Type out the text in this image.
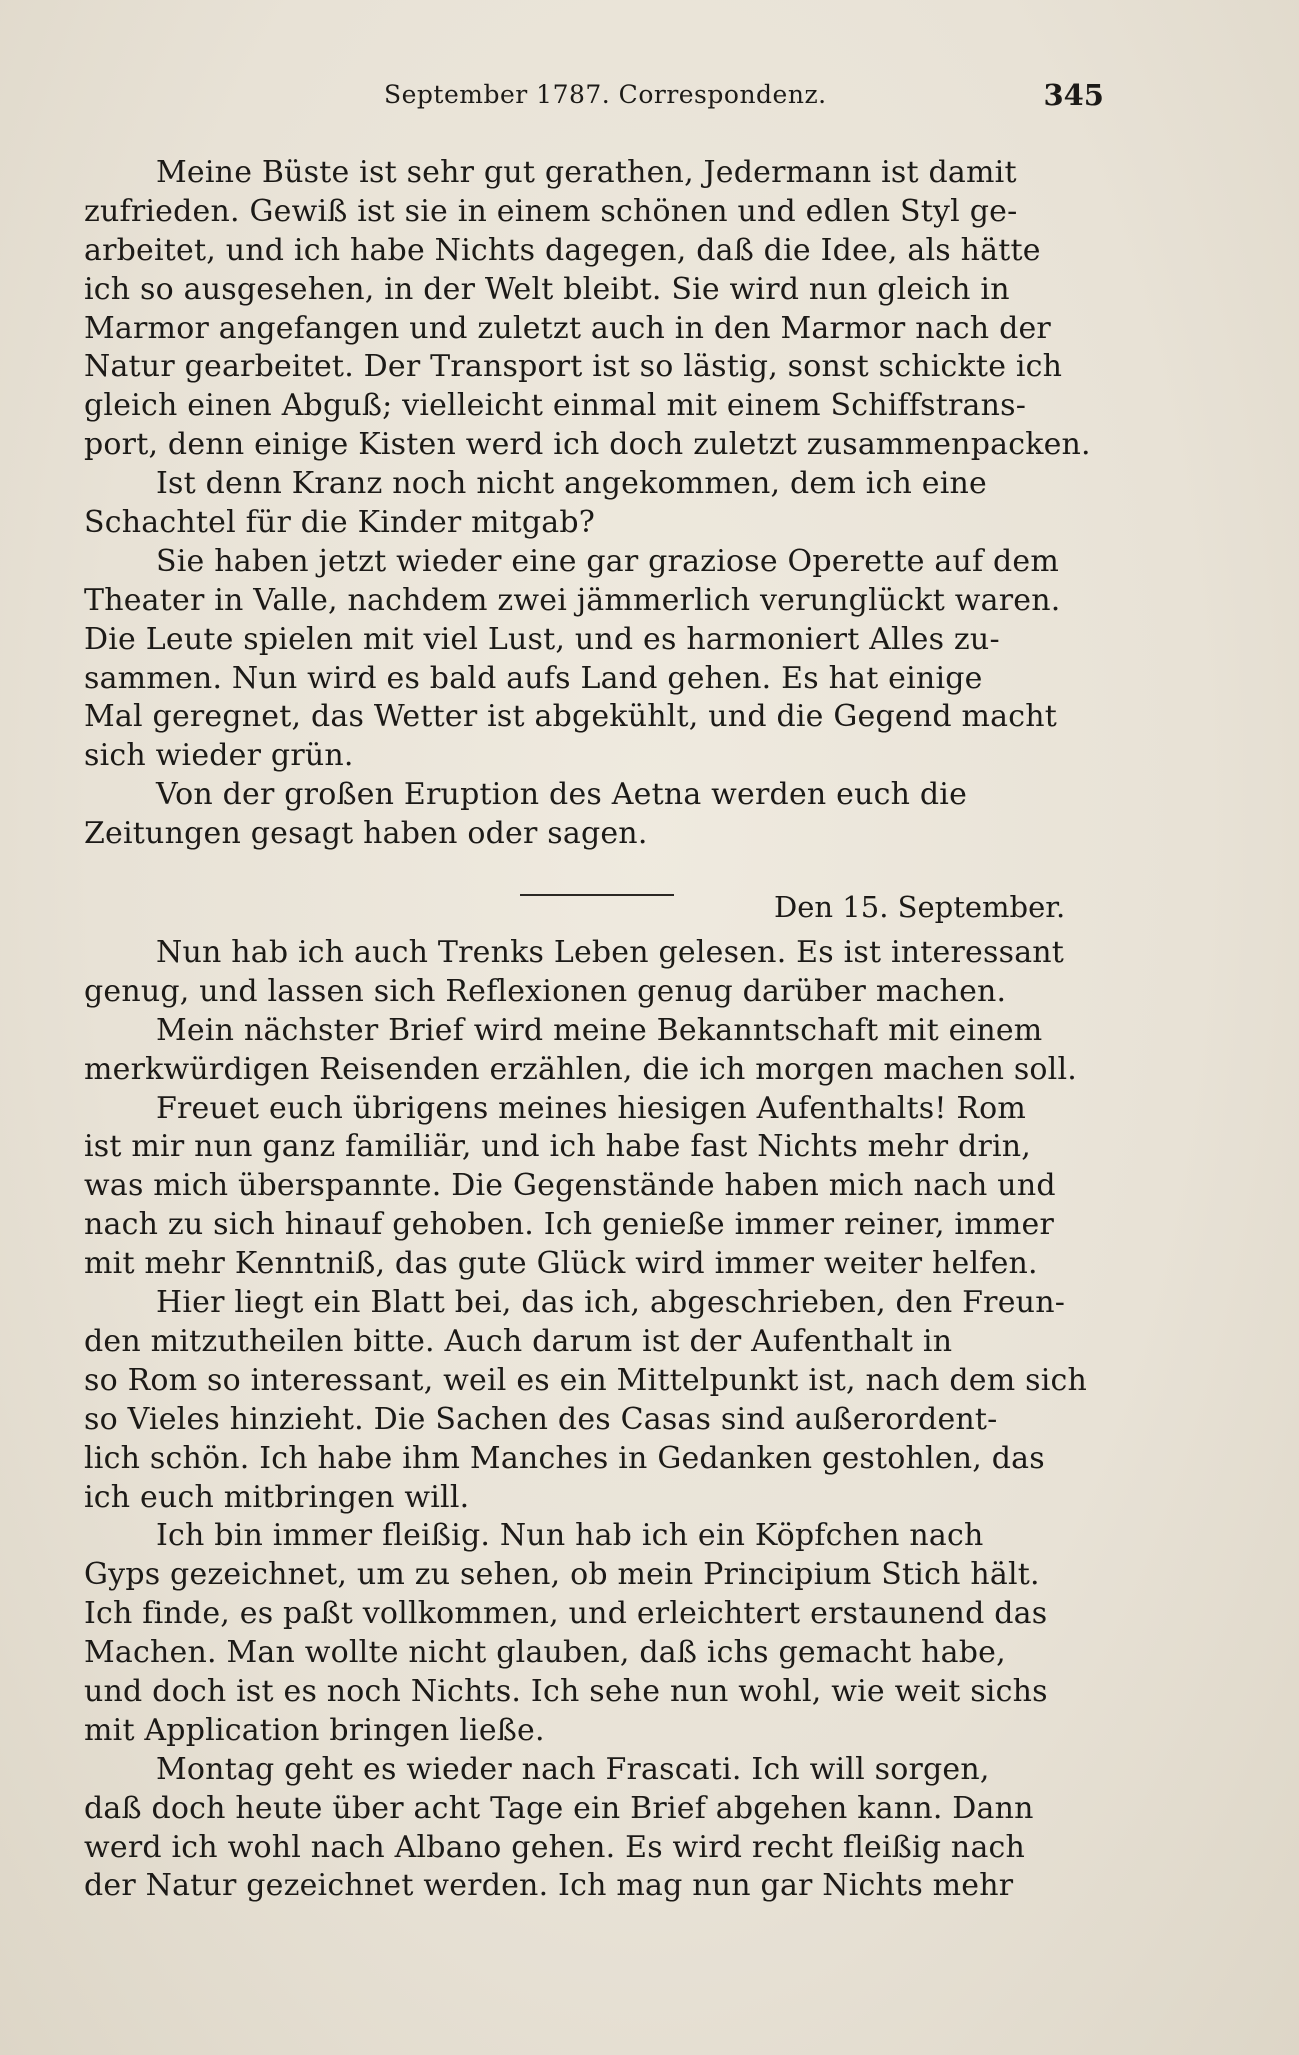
September 1787. Correspondenz.	345
Meine Büste ist sehr gut gerathen, Jedermann ist damit
zufrieden. Gewiß ist sie in einem schönen und edlen Styl ge-
arbeitet, und ich habe Nichts dagegen, daß die Idee, als hätte
ich so ausgesehen, in der Welt bleibt. Sie wird nun gleich in
Marmor angefangen und zuletzt auch in den Marmor nach der
Natur gearbeitet. Der Transport ist so lästig, sonst schickte ich
gleich einen Abguß; vielleicht einmal mit einem Schiffstrans-
port, denn einige Kisten werd ich doch zuletzt zusammenpacken.
Ist denn Kranz noch nicht angekommen, dem ich eine
Schachtel für die Kinder mitgab?
Sie haben jetzt wieder eine gar graziose Operette auf dem
Theater in Valle, nachdem zwei jämmerlich verunglückt waren.
Die Leute spielen mit viel Lust, und es harmoniert Alles zu-
sammen. Nun wird es bald aufs Land gehen. Es hat einige
Mal geregnet, das Wetter ist abgekühlt, und die Gegend macht
sich wieder grün.
Von der großen Eruption des Aetna werden euch die
Zeitungen gesagt haben oder sagen.
Den 15. September.
Nun hab ich auch Trenks Leben gelesen. Es ist interessant
genug, und lassen sich Reflexionen genug darüber machen.
Mein nächster Brief wird meine Bekanntschaft mit einem
merkwürdigen Reisenden erzählen, die ich morgen machen soll.
Freuet euch übrigens meines hiesigen Aufenthalts! Rom
ist mir nun ganz familiär, und ich habe fast Nichts mehr drin,
was mich überspannte. Die Gegenstände haben mich nach und
nach zu sich hinauf gehoben. Ich genieße immer reiner, immer
mit mehr Kenntniß, das gute Glück wird immer weiter helfen.
Hier liegt ein Blatt bei, das ich, abgeschrieben, den Freun-
den mitzutheilen bitte. Auch darum ist der Aufenthalt in
so Rom so interessant, weil es ein Mittelpunkt ist, nach dem sich
so Vieles hinzieht. Die Sachen des Casas sind außerordent-
lich schön. Ich habe ihm Manches in Gedanken gestohlen, das
ich euch mitbringen will.
Ich bin immer fleißig. Nun hab ich ein Köpfchen nach
Gyps gezeichnet, um zu sehen, ob mein Principium Stich hält.
Ich finde, es paßt vollkommen, und erleichtert erstaunend das
Machen. Man wollte nicht glauben, daß ichs gemacht habe,
und doch ist es noch Nichts. Ich sehe nun wohl, wie weit sichs
mit Application bringen ließe.
Montag geht es wieder nach Frascati. Ich will sorgen,
daß doch heute über acht Tage ein Brief abgehen kann. Dann
werd ich wohl nach Albano gehen. Es wird recht fleißig nach
der Natur gezeichnet werden. Ich mag nun gar Nichts mehr
